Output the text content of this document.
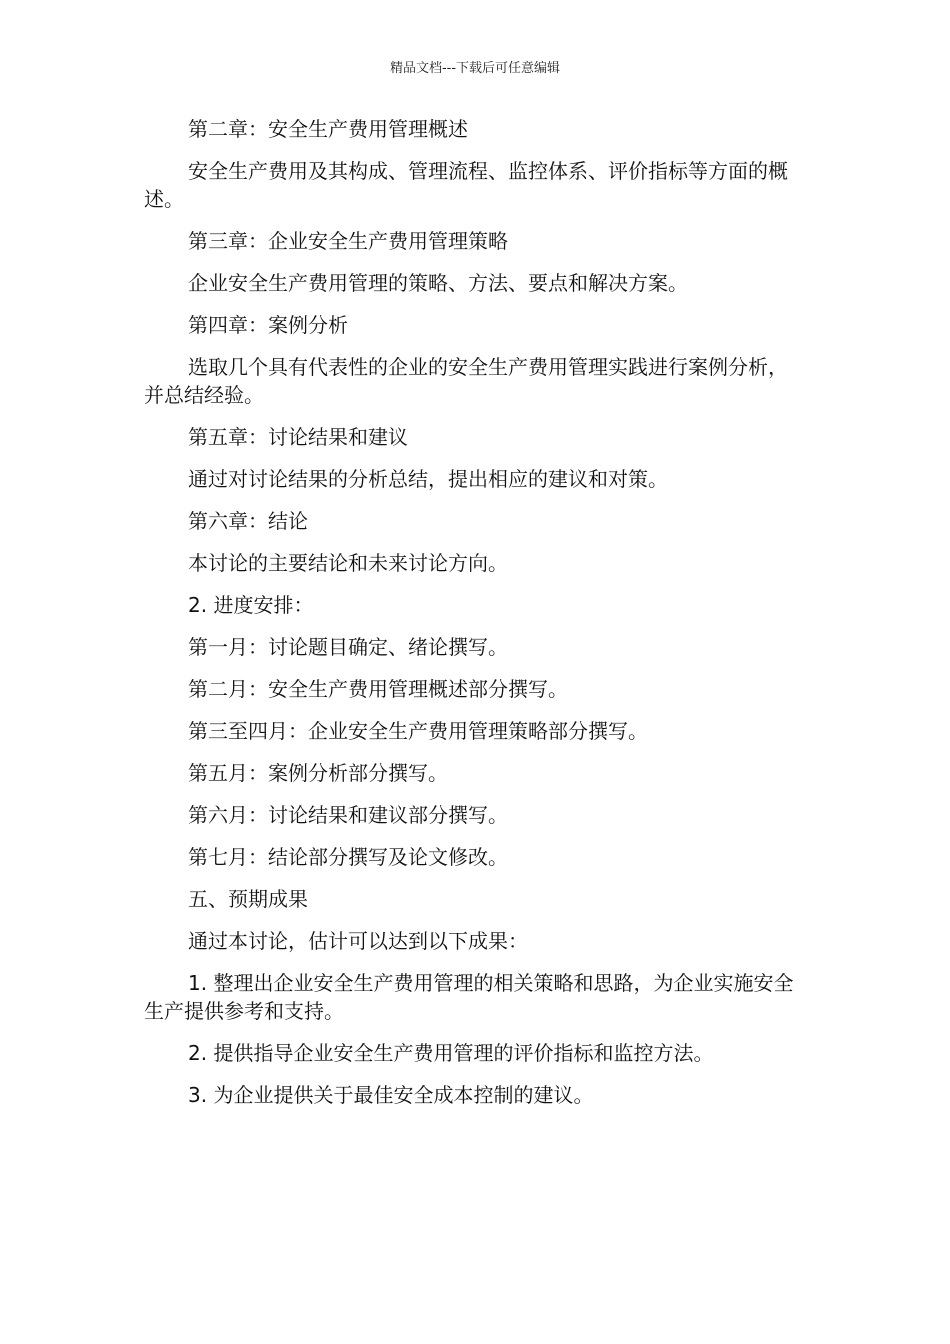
精品文档---下载后可任意编辑

第二章：安全生产费用管理概述

安全生产费用及其构成、管理流程、监控体系、评价指标等方面的概述。

第三章：企业安全生产费用管理策略

企业安全生产费用管理的策略、方法、要点和解决方案。

第四章：案例分析

选取几个具有代表性的企业的安全生产费用管理实践进行案例分析，并总结经验。

第五章：讨论结果和建议

通过对讨论结果的分析总结，提出相应的建议和对策。

第六章：结论

本讨论的主要结论和未来讨论方向。

2. 进度安排：

第一月：讨论题目确定、绪论撰写。

第二月：安全生产费用管理概述部分撰写。

第三至四月：企业安全生产费用管理策略部分撰写。

第五月：案例分析部分撰写。

第六月：讨论结果和建议部分撰写。

第七月：结论部分撰写及论文修改。

五、预期成果

通过本讨论，估计可以达到以下成果：

1. 整理出企业安全生产费用管理的相关策略和思路，为企业实施安全生产提供参考和支持。

2. 提供指导企业安全生产费用管理的评价指标和监控方法。

3. 为企业提供关于最佳安全成本控制的建议。
